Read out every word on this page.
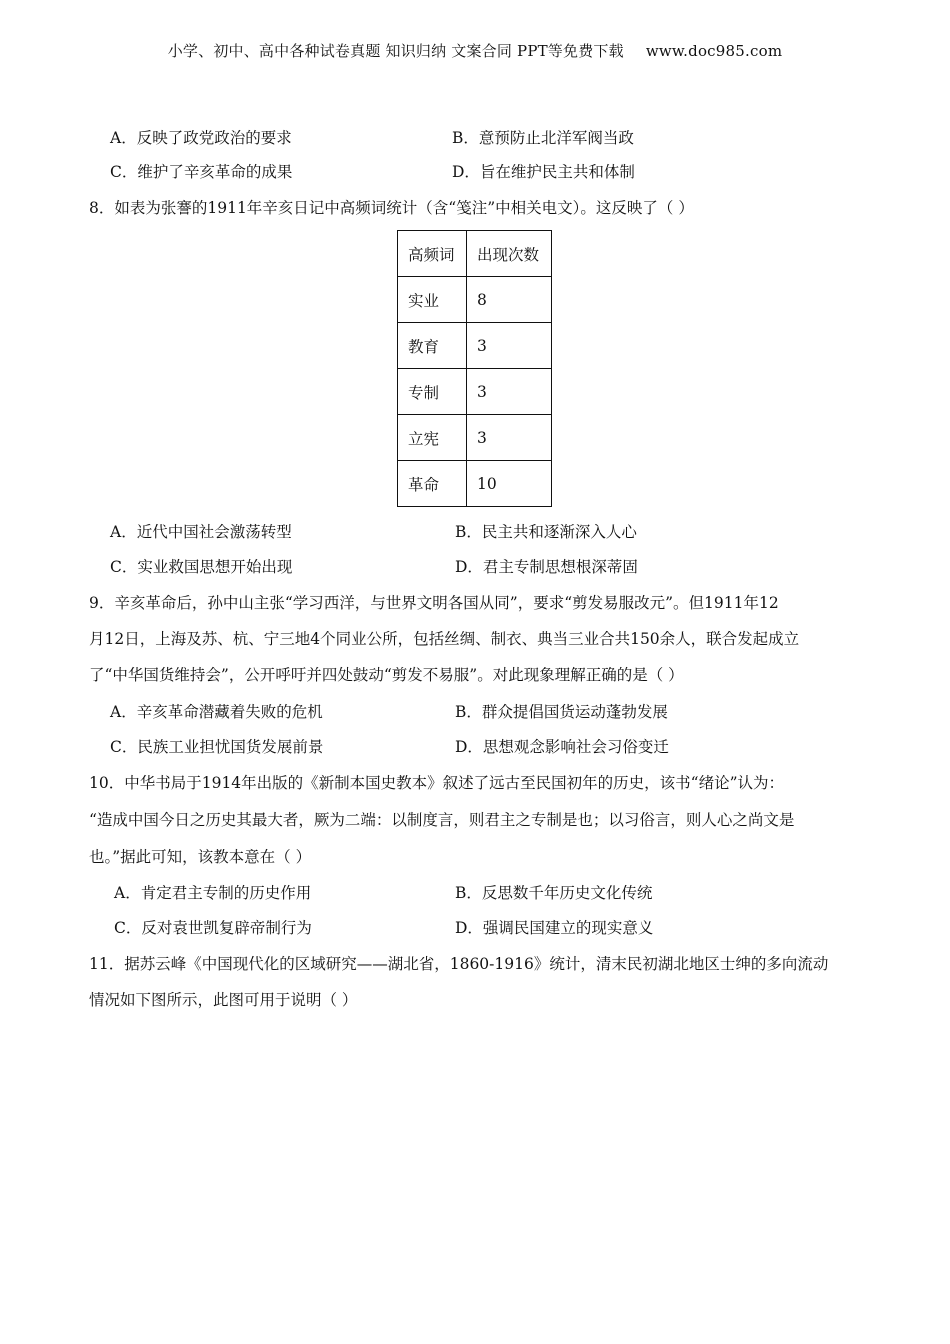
小学、初中、高中各种试卷真题 知识归纳 文案合同 PPT等免费下载 www.doc985.com
A．反映了政党政治的要求	B．意预防止北洋军阀当政
C．维护了辛亥革命的成果	D．旨在维护民主共和体制
8．如表为张謇的1911年辛亥日记中高频词统计（含“笺注”中相关电文）。这反映了（ ）
高频词	出现次数
实业	8
教育	3
专制	3
立宪	3
革命	10
A．近代中国社会激荡转型	B．民主共和逐渐深入人心
C．实业救国思想开始出现	D．君主专制思想根深蒂固
9．辛亥革命后，孙中山主张“学习西洋，与世界文明各国从同”，要求“剪发易服改元”。但1911年12
月12日，上海及苏、杭、宁三地4个同业公所，包括丝绸、制衣、典当三业合共150余人，联合发起成立
了“中华国货维持会”，公开呼吁并四处鼓动“剪发不易服”。对此现象理解正确的是（ ）
A．辛亥革命潜藏着失败的危机	B．群众提倡国货运动蓬勃发展
C．民族工业担忧国货发展前景	D．思想观念影响社会习俗变迁
10．中华书局于1914年出版的《新制本国史教本》叙述了远古至民国初年的历史，该书“绪论”认为：
“造成中国今日之历史其最大者，厥为二端：以制度言，则君主之专制是也；以习俗言，则人心之尚文是
也。”据此可知，该教本意在（ ）
A．肯定君主专制的历史作用	B．反思数千年历史文化传统
C．反对袁世凯复辟帝制行为	D．强调民国建立的现实意义
11．据苏云峰《中国现代化的区域研究——湖北省，1860-1916》统计，清末民初湖北地区士绅的多向流动
情况如下图所示，此图可用于说明（ ）
